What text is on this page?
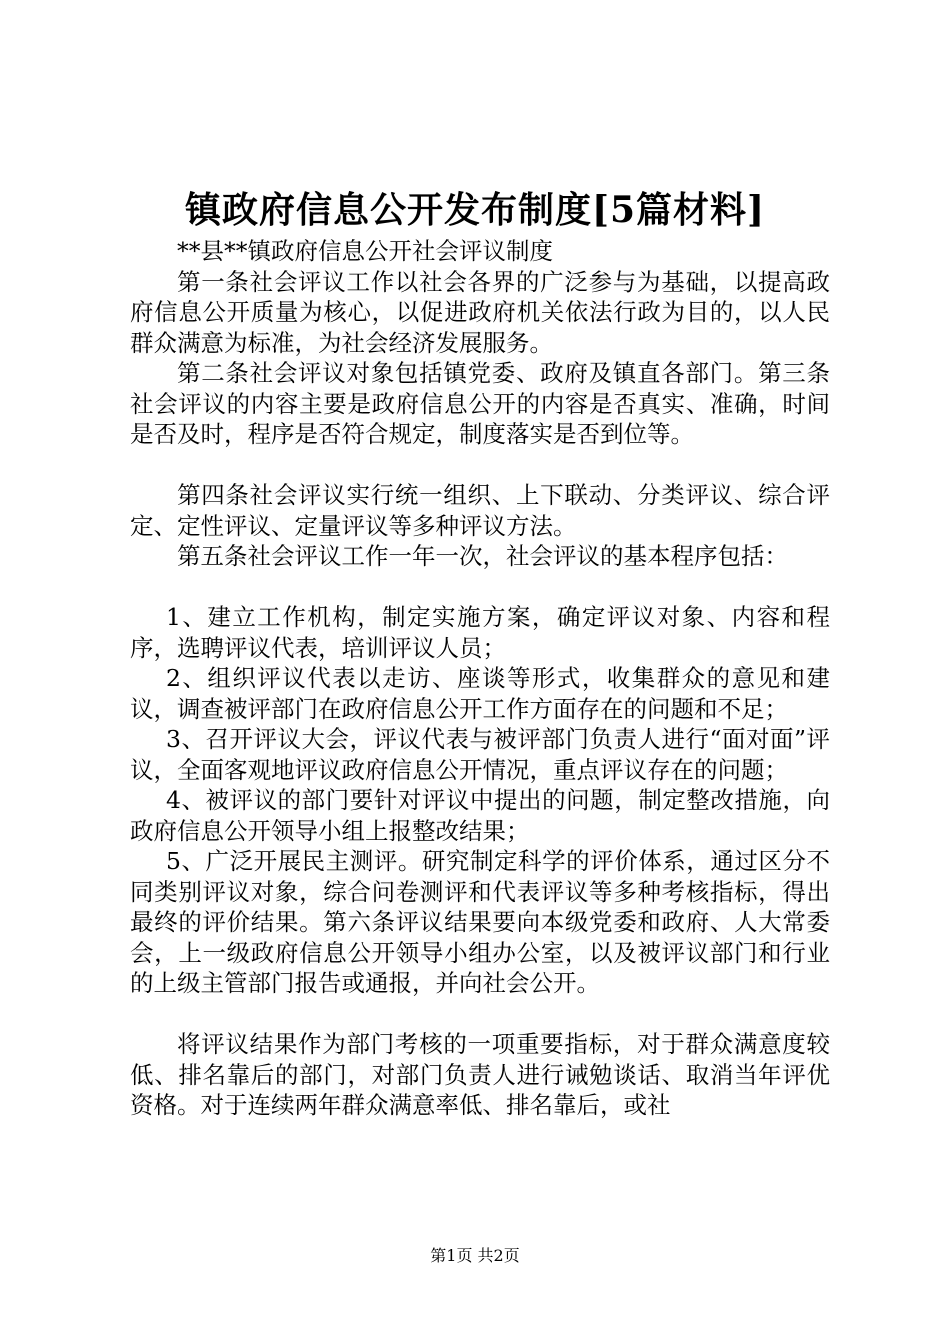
镇政府信息公开发布制度[5篇材料]

**县**镇政府信息公开社会评议制度

第一条社会评议工作以社会各界的广泛参与为基础，以提高政府信息公开质量为核心，以促进政府机关依法行政为目的，以人民群众满意为标准，为社会经济发展服务。

第二条社会评议对象包括镇党委、政府及镇直各部门。第三条社会评议的内容主要是政府信息公开的内容是否真实、准确，时间是否及时，程序是否符合规定，制度落实是否到位等。

第四条社会评议实行统一组织、上下联动、分类评议、综合评定、定性评议、定量评议等多种评议方法。

第五条社会评议工作一年一次，社会评议的基本程序包括：

1、建立工作机构，制定实施方案，确定评议对象、内容和程序，选聘评议代表，培训评议人员；

2、组织评议代表以走访、座谈等形式，收集群众的意见和建议，调查被评部门在政府信息公开工作方面存在的问题和不足；

3、召开评议大会，评议代表与被评部门负责人进行“面对面”评议，全面客观地评议政府信息公开情况，重点评议存在的问题；

4、被评议的部门要针对评议中提出的问题，制定整改措施，向政府信息公开领导小组上报整改结果；

5、广泛开展民主测评。研究制定科学的评价体系，通过区分不同类别评议对象，综合问卷测评和代表评议等多种考核指标，得出最终的评价结果。第六条评议结果要向本级党委和政府、人大常委会，上一级政府信息公开领导小组办公室，以及被评议部门和行业的上级主管部门报告或通报，并向社会公开。

将评议结果作为部门考核的一项重要指标，对于群众满意度较低、排名靠后的部门，对部门负责人进行诫勉谈话、取消当年评优资格。对于连续两年群众满意率低、排名靠后，或社

第1页 共2页
